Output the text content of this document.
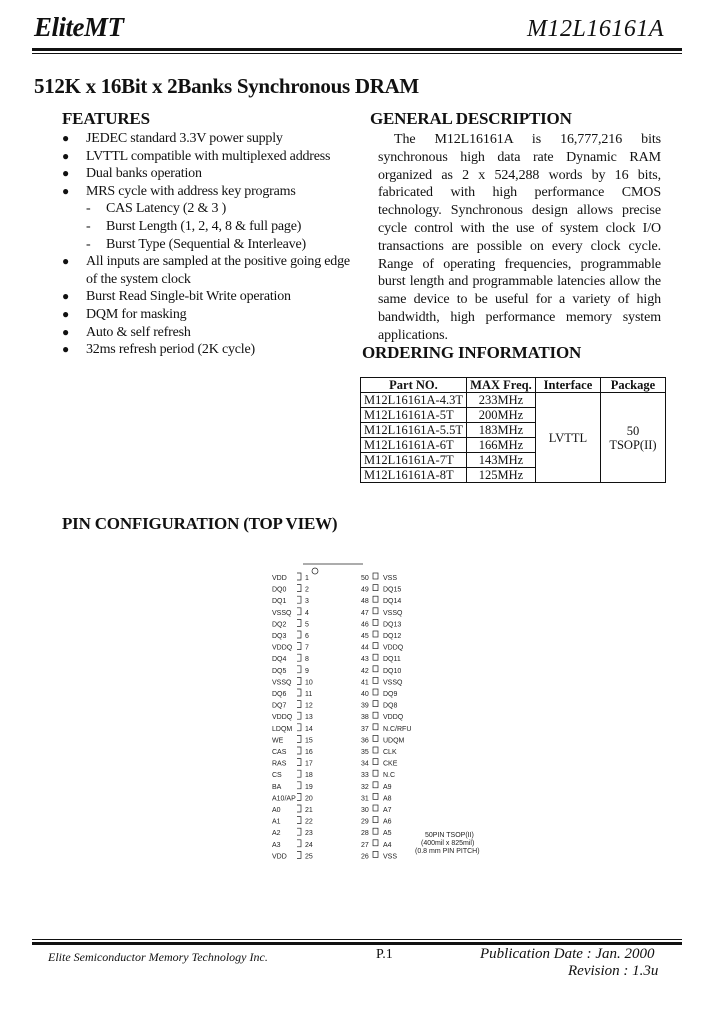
EliteMT	M12L16161A
512K x 16Bit x 2Banks Synchronous DRAM
FEATURES
● JEDEC standard 3.3V power supply
● LVTTL compatible with multiplexed address
● Dual banks operation
● MRS cycle with address key programs
- CAS Latency (2 & 3 )
- Burst Length (1, 2, 4, 8 & full page)
- Burst Type (Sequential & Interleave)
● All inputs are sampled at the positive going edge
of the system clock
● Burst Read Single-bit Write operation
● DQM for masking
● Auto & self refresh
● 32ms refresh period (2K cycle)
GENERAL DESCRIPTION
The M12L16161A is 16,777,216 bits synchronous high data rate Dynamic RAM organized as 2 x 524,288 words by 16 bits, fabricated with high performance CMOS technology. Synchronous design allows precise cycle control with the use of system clock I/O transactions are possible on every clock cycle. Range of operating frequencies, programmable burst length and programmable latencies allow the same device to be useful for a variety of high bandwidth, high performance memory system applications.
ORDERING INFORMATION
Part NO.	MAX Freq.	Interface	Package
M12L16161A-4.3T	233MHz	LVTTL	50
TSOP(II)

M12L16161A-5T	200MHz		
M12L16161A-5.5T	183MHz		
M12L16161A-6T	166MHz		
M12L16161A-7T	143MHz		
M12L16161A-8T	125MHz		
PIN CONFIGURATION (TOP VIEW)
VDD	1
DQ0	2
DQ1	3
VSSQ 4
DQ2	5
DQ3	6
VDDQ 7
DQ4	8
DQ5	9
VSSQ 10
DQ6	11
DQ7	12
VDDQ 13
LDQM 14
WE	15
CAS	16
RAS	17
CS	18
BA	19
A10/AP 20
A0	21
A1	22
A2	23
A3	24
VDD	25
50 VSS
49 DQ15
48 DQ14
47 VSSQ
46 DQ13
45 DQ12
44 VDDQ
43 DQ11
42 DQ10
41 VSSQ
40 DQ9
39 DQ8
38 VDDQ
37 N.C/RFU
36 UDQM
35 CLK
34 CKE
33 N.C
32 A9
31 A8
30 A7
29 A6
28 A5
27 A4
26 VSS
50PIN TSOP(II)
(400mil x 825mil)
(0.8 mm PIN PITCH)
Elite Semiconductor Memory Technology Inc.	P.1	Publication Date : Jan. 2000
Revision : 1.3u
